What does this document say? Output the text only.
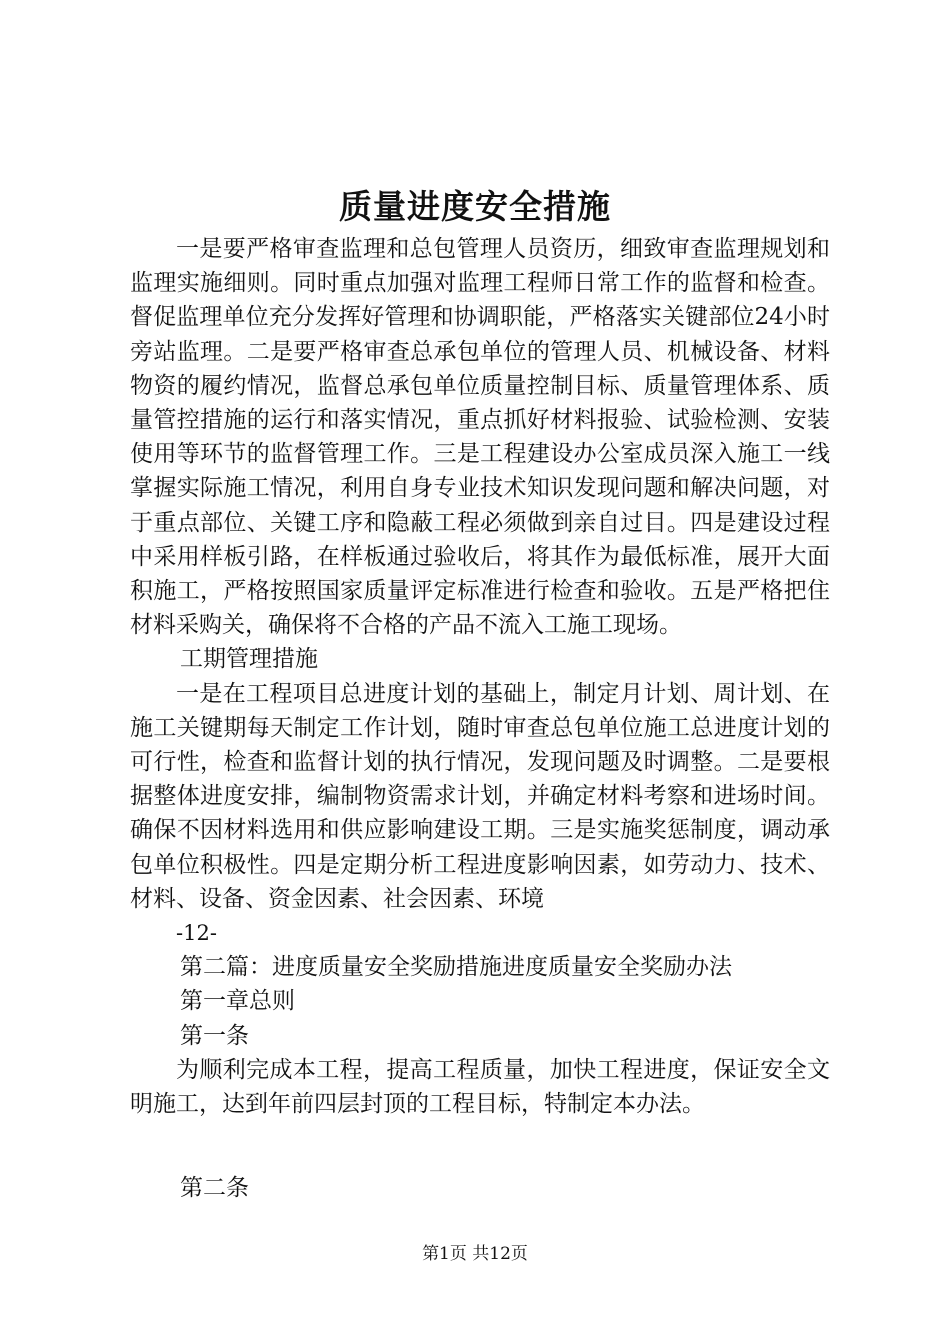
质量进度安全措施

一是要严格审查监理和总包管理人员资历，细致审查监理规划和监理实施细则。同时重点加强对监理工程师日常工作的监督和检查。督促监理单位充分发挥好管理和协调职能，严格落实关键部位24小时旁站监理。二是要严格审查总承包单位的管理人员、机械设备、材料物资的履约情况，监督总承包单位质量控制目标、质量管理体系、质量管控措施的运行和落实情况，重点抓好材料报验、试验检测、安装使用等环节的监督管理工作。三是工程建设办公室成员深入施工一线掌握实际施工情况，利用自身专业技术知识发现问题和解决问题，对于重点部位、关键工序和隐蔽工程必须做到亲自过目。四是建设过程中采用样板引路，在样板通过验收后，将其作为最低标准，展开大面积施工，严格按照国家质量评定标准进行检查和验收。五是严格把住材料采购关，确保将不合格的产品不流入工施工现场。

工期管理措施

一是在工程项目总进度计划的基础上，制定月计划、周计划、在施工关键期每天制定工作计划，随时审查总包单位施工总进度计划的可行性，检查和监督计划的执行情况，发现问题及时调整。二是要根据整体进度安排，编制物资需求计划，并确定材料考察和进场时间。确保不因材料选用和供应影响建设工期。三是实施奖惩制度，调动承包单位积极性。四是定期分析工程进度影响因素，如劳动力、技术、材料、设备、资金因素、社会因素、环境

-12-

第二篇：进度质量安全奖励措施进度质量安全奖励办法

第一章总则

第一条

为顺利完成本工程，提高工程质量，加快工程进度，保证安全文明施工，达到年前四层封顶的工程目标，特制定本办法。

第二条

第1页 共12页
